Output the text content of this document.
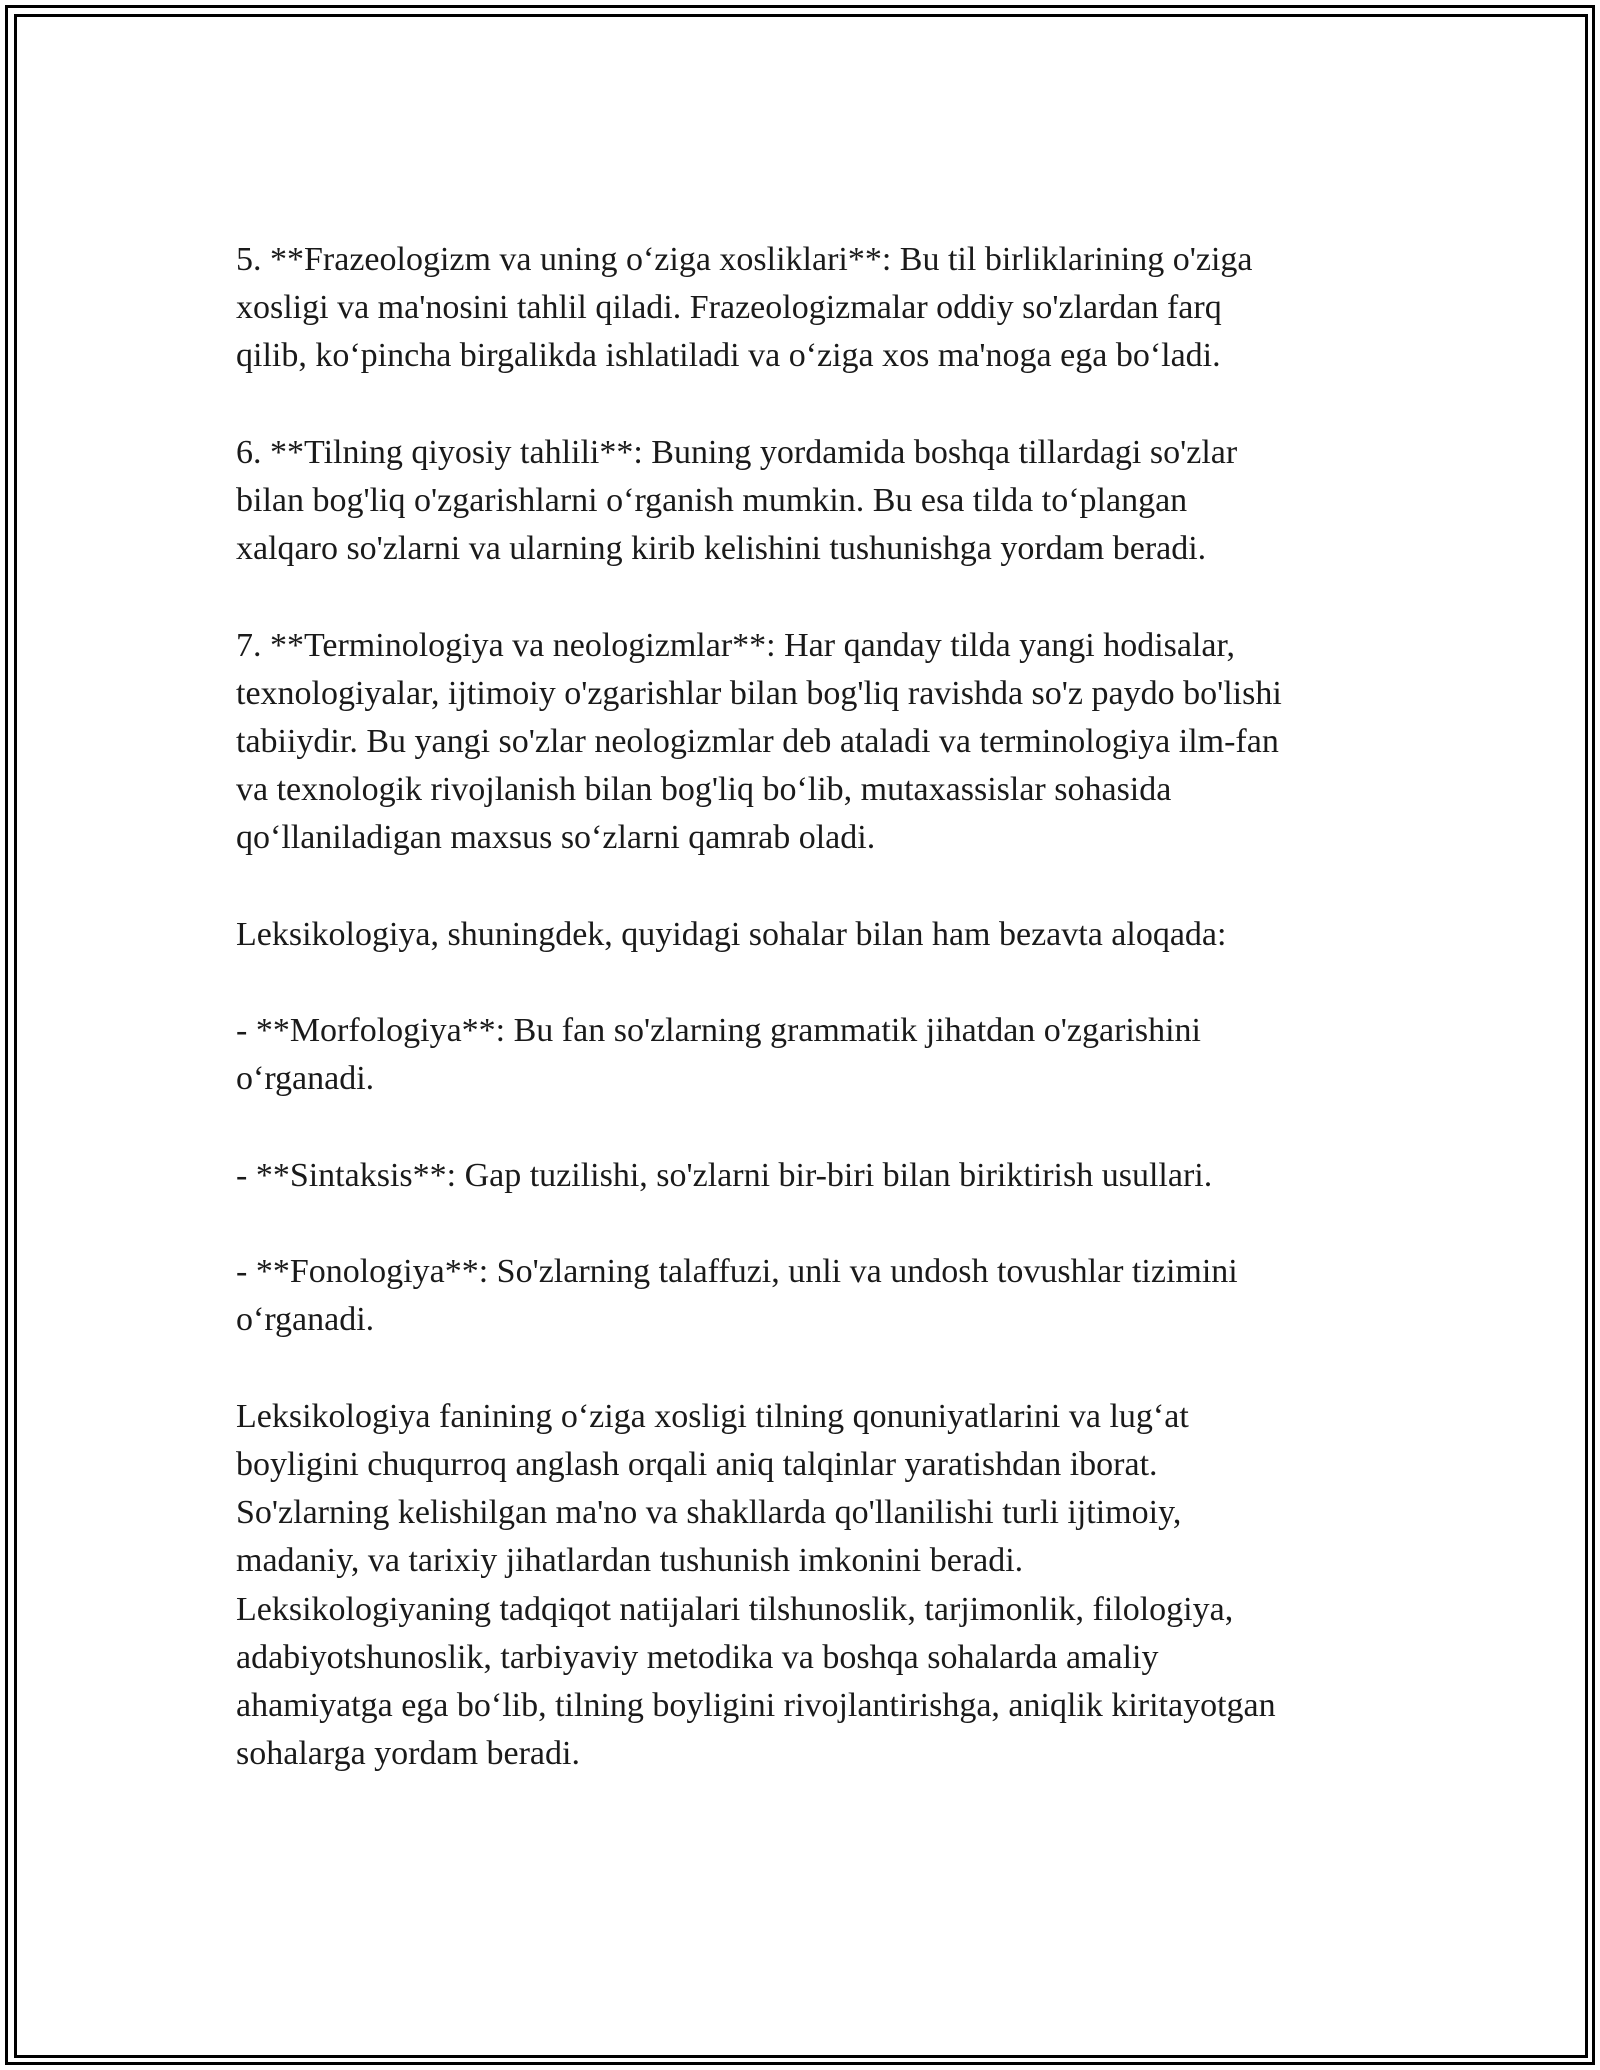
5. **Frazeologizm va uning o‘ziga xosliklari**: Bu til birliklarining o'ziga
xosligi va ma'nosini tahlil qiladi. Frazeologizmalar oddiy so'zlardan farq
qilib, ko‘pincha birgalikda ishlatiladi va o‘ziga xos ma'noga ega bo‘ladi.

6. **Tilning qiyosiy tahlili**: Buning yordamida boshqa tillardagi so'zlar
bilan bog'liq o'zgarishlarni o‘rganish mumkin. Bu esa tilda to‘plangan
xalqaro so'zlarni va ularning kirib kelishini tushunishga yordam beradi.

7. **Terminologiya va neologizmlar**: Har qanday tilda yangi hodisalar,
texnologiyalar, ijtimoiy o'zgarishlar bilan bog'liq ravishda so'z paydo bo'lishi
tabiiydir. Bu yangi so'zlar neologizmlar deb ataladi va terminologiya ilm-fan
va texnologik rivojlanish bilan bog'liq bo‘lib, mutaxassislar sohasida
qo‘llaniladigan maxsus so‘zlarni qamrab oladi.

Leksikologiya, shuningdek, quyidagi sohalar bilan ham bezavta aloqada:

- **Morfologiya**: Bu fan so'zlarning grammatik jihatdan o'zgarishini
o‘rganadi.

- **Sintaksis**: Gap tuzilishi, so'zlarni bir-biri bilan biriktirish usullari.

- **Fonologiya**: So'zlarning talaffuzi, unli va undosh tovushlar tizimini
o‘rganadi.

Leksikologiya fanining o‘ziga xosligi tilning qonuniyatlarini va lug‘at
boyligini chuqurroq anglash orqali aniq talqinlar yaratishdan iborat.
So'zlarning kelishilgan ma'no va shakllarda qo'llanilishi turli ijtimoiy,
madaniy, va tarixiy jihatlardan tushunish imkonini beradi.
Leksikologiyaning tadqiqot natijalari tilshunoslik, tarjimonlik, filologiya,
adabiyotshunoslik, tarbiyaviy metodika va boshqa sohalarda amaliy
ahamiyatga ega bo‘lib, tilning boyligini rivojlantirishga, aniqlik kiritayotgan
sohalarga yordam beradi.
